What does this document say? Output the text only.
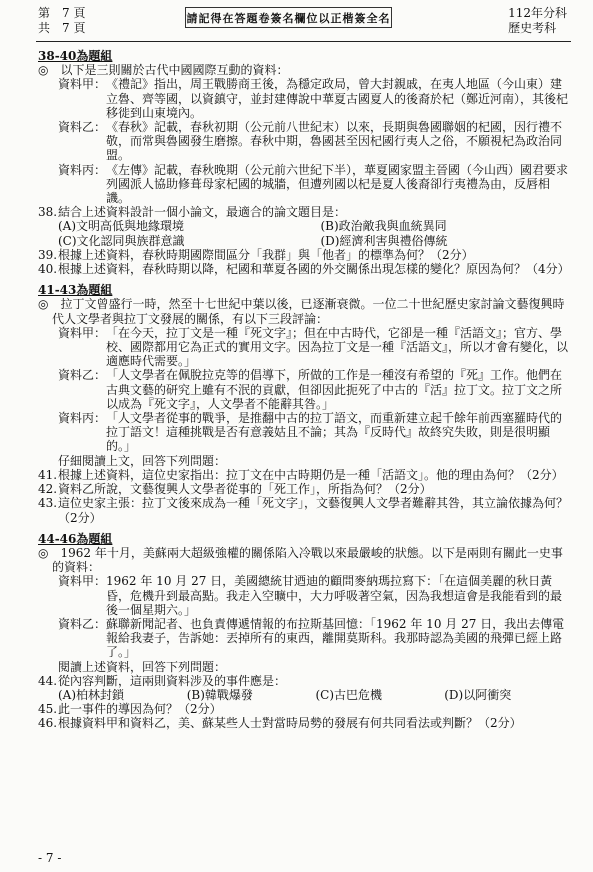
第　7 頁
共　7 頁
請記得在答題卷簽名欄位以正楷簽全名	112年分科
歷史考科
38-40為題組
◎　以下是三則關於古代中國國際互動的資料：
資料甲： 《禮記》指出，周王戰勝商王後，為穩定政局，曾大封親戚，在夷人地區（今山東）建立魯、齊等國，以資鎮守，並封建傳說中華夏古國夏人的後裔於杞（鄭近河南），其後杞移徙到山東境內。
資料乙： 《春秋》記載，春秋初期（公元前八世紀末）以來，長期與魯國聯姻的杞國，因行禮不敬，而常與魯國發生磨擦。春秋中期，魯國甚至因杞國行夷人之俗，不願視杞為政治同盟。
資料丙： 《左傳》記載，春秋晚期（公元前六世紀下半），華夏國家盟主晉國（今山西）國君要求列國派人協助修葺母家杞國的城牆，但遭列國以杞是夏人後裔卻行夷禮為由，反唇相譏。
38. 結合上述資料設計一個小論文，最適合的論文題目是：
(A)文明高低與地緣環境	(B)政治敵我與血統異同
(C)文化認同與族群意識	(D)經濟利害與禮俗傳統
39. 根據上述資料，春秋時期國際間區分「我群」與「他者」的標準為何？（2分）
40. 根據上述資料，春秋時期以降，杞國和華夏各國的外交關係出現怎樣的變化？原因為何？（4分）
41-43為題組
◎　拉丁文曾盛行一時，然至十七世紀中葉以後，已逐漸衰微。一位二十世紀歷史家討論文藝復興時代人文學者與拉丁文發展的關係，有以下三段評論：
資料甲： 「在今天，拉丁文是一種『死文字』；但在中古時代，它卻是一種『活語文』；官方、學校、國際都用它為正式的實用文字。因為拉丁文是一種『活語文』，所以才會有變化，以適應時代需要。」
資料乙： 「人文學者在佩脫拉克等的倡導下，所做的工作是一種沒有希望的『死』工作。他們在古典文藝的研究上雖有不泯的貢獻，但卻因此扼死了中古的『活』拉丁文。拉丁文之所以成為『死文字』，人文學者不能辭其咎。」
資料丙： 「人文學者從事的戰爭，是推翻中古的拉丁語文，而重新建立起千餘年前西塞羅時代的拉丁語文！這種挑戰是否有意義姑且不論；其為『反時代』故終究失敗，則是很明顯的。」
仔細閱讀上文，回答下列問題：
41. 根據上述資料，這位史家指出：拉丁文在中古時期仍是一種「活語文」。他的理由為何？（2分）
42. 資料乙所說，文藝復興人文學者從事的「死工作」，所指為何？（2分）
43. 這位史家主張：拉丁文後來成為一種「死文字」，文藝復興人文學者難辭其咎，其立論依據為何？（2分）
44-46為題組
◎　1962 年十月，美蘇兩大超級強權的關係陷入冷戰以來最嚴峻的狀態。以下是兩則有關此一史事的資料：
資料甲： 1962 年 10 月 27 日，美國總統甘迺迪的顧問麥納瑪拉寫下：「在這個美麗的秋日黃昏，危機升到最高點。我走入空曠中，大力呼吸著空氣，因為我想這會是我能看到的最後一個星期六。」
資料乙： 蘇聯新聞記者、也負責傳遞情報的布拉斯基回憶：「1962 年 10 月 27 日，我出去傳電報給我妻子，告訴她：丟掉所有的東西，離開莫斯科。我那時認為美國的飛彈已經上路了。」
閱讀上述資料，回答下列問題：
44. 從內容判斷，這兩則資料涉及的事件應是：
(A)柏林封鎖	(B)韓戰爆發	(C)古巴危機	(D)以阿衝突
45. 此一事件的導因為何？（2分）
46. 根據資料甲和資料乙，美、蘇某些人士對當時局勢的發展有何共同看法或判斷？（2分）
- 7 -
